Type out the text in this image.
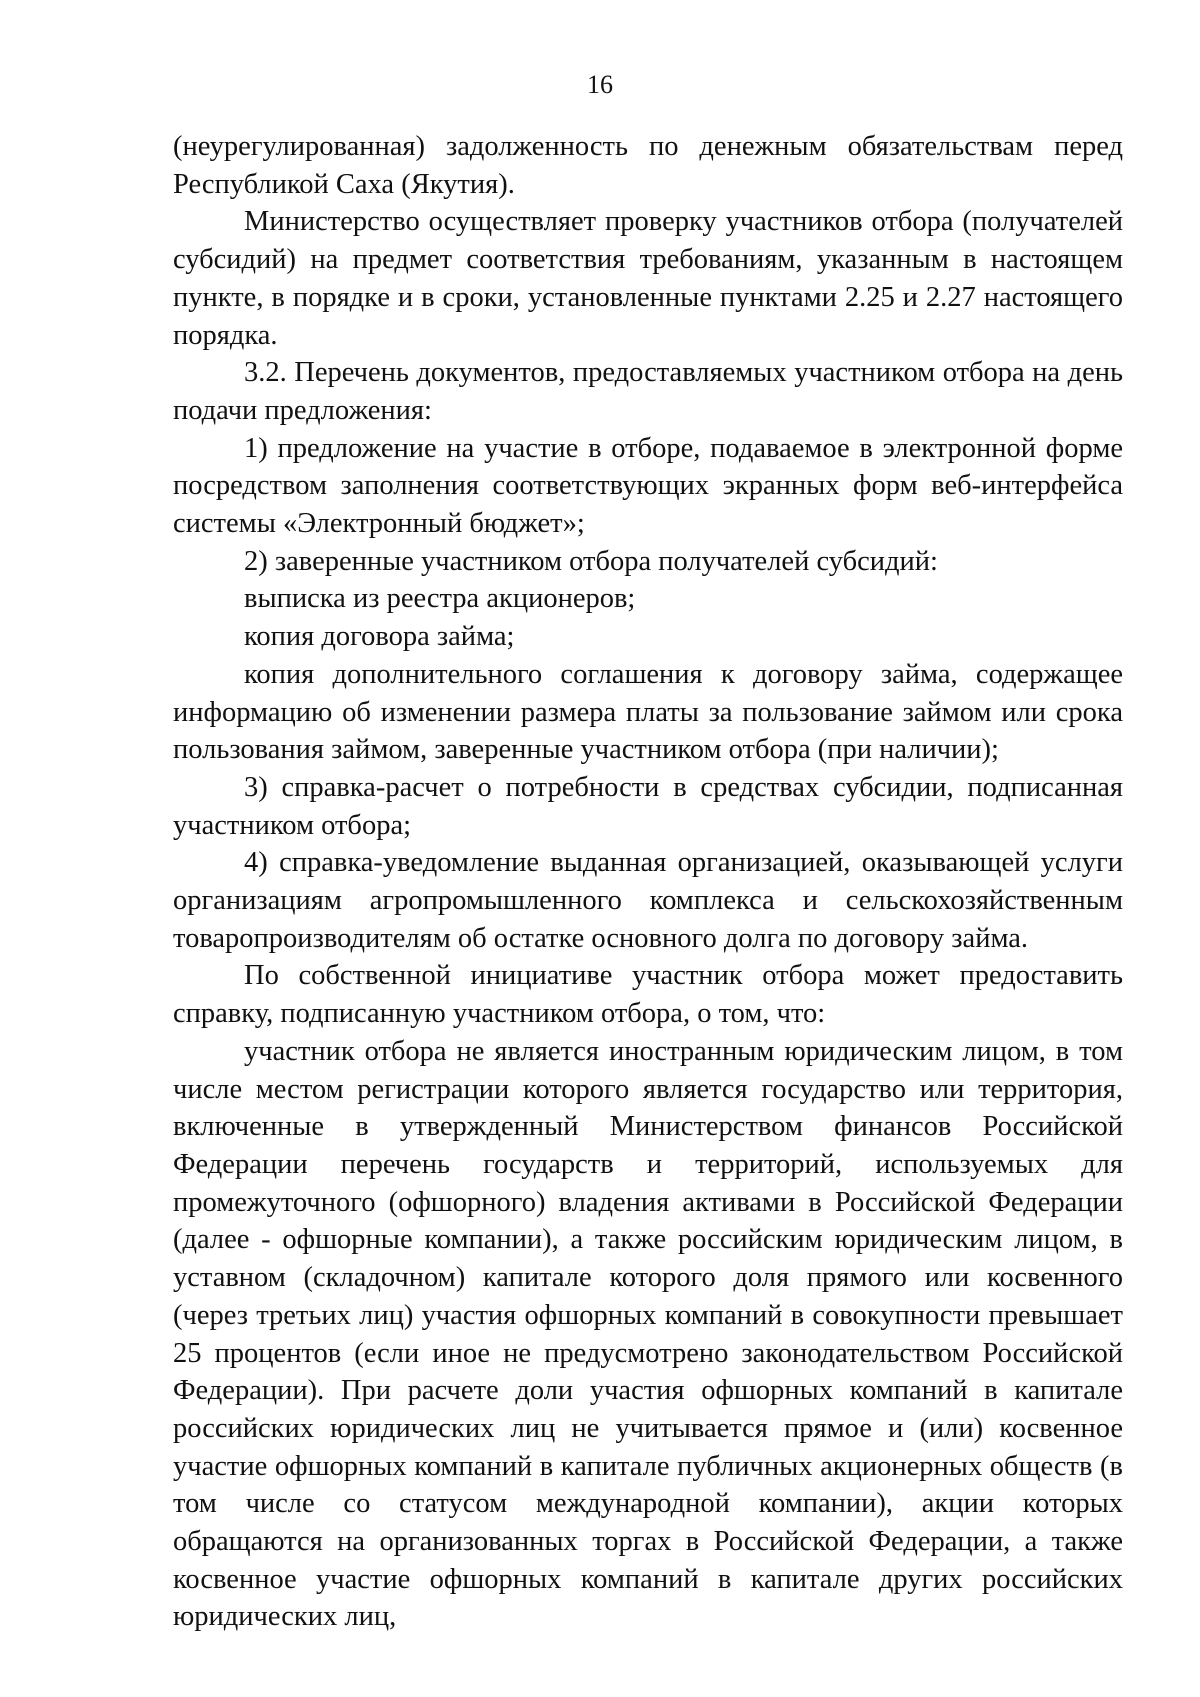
16

(неурегулированная) задолженность по денежным обязательствам перед Республикой Саха (Якутия).

Министерство осуществляет проверку участников отбора (получателей субсидий) на предмет соответствия требованиям, указанным в настоящем пункте, в порядке и в сроки, установленные пунктами 2.25 и 2.27 настоящего порядка.

3.2. Перечень документов, предоставляемых участником отбора на день подачи предложения:

1) предложение на участие в отборе, подаваемое в электронной форме посредством заполнения соответствующих экранных форм веб-интерфейса системы «Электронный бюджет»;

2) заверенные участником отбора получателей субсидий:

выписка из реестра акционеров;

копия договора займа;

копия дополнительного соглашения к договору займа, содержащее информацию об изменении размера платы за пользование займом или срока пользования займом, заверенные участником отбора (при наличии);

3) справка-расчет о потребности в средствах субсидии, подписанная участником отбора;

4) справка-уведомление выданная организацией, оказывающей услуги организациям агропромышленного комплекса и сельскохозяйственным товаропроизводителям об остатке основного долга по договору займа.

По собственной инициативе участник отбора может предоставить справку, подписанную участником отбора, о том, что:

участник отбора не является иностранным юридическим лицом, в том числе местом регистрации которого является государство или территория, включенные в утвержденный Министерством финансов Российской Федерации перечень государств и территорий, используемых для промежуточного (офшорного) владения активами в Российской Федерации (далее - офшорные компании), а также российским юридическим лицом, в уставном (складочном) капитале которого доля прямого или косвенного (через третьих лиц) участия офшорных компаний в совокупности превышает 25 процентов (если иное не предусмотрено законодательством Российской Федерации). При расчете доли участия офшорных компаний в капитале российских юридических лиц не учитывается прямое и (или) косвенное участие офшорных компаний в капитале публичных акционерных обществ (в том числе со статусом международной компании), акции которых обращаются на организованных торгах в Российской Федерации, а также косвенное участие офшорных компаний в капитале других российских юридических лиц,
